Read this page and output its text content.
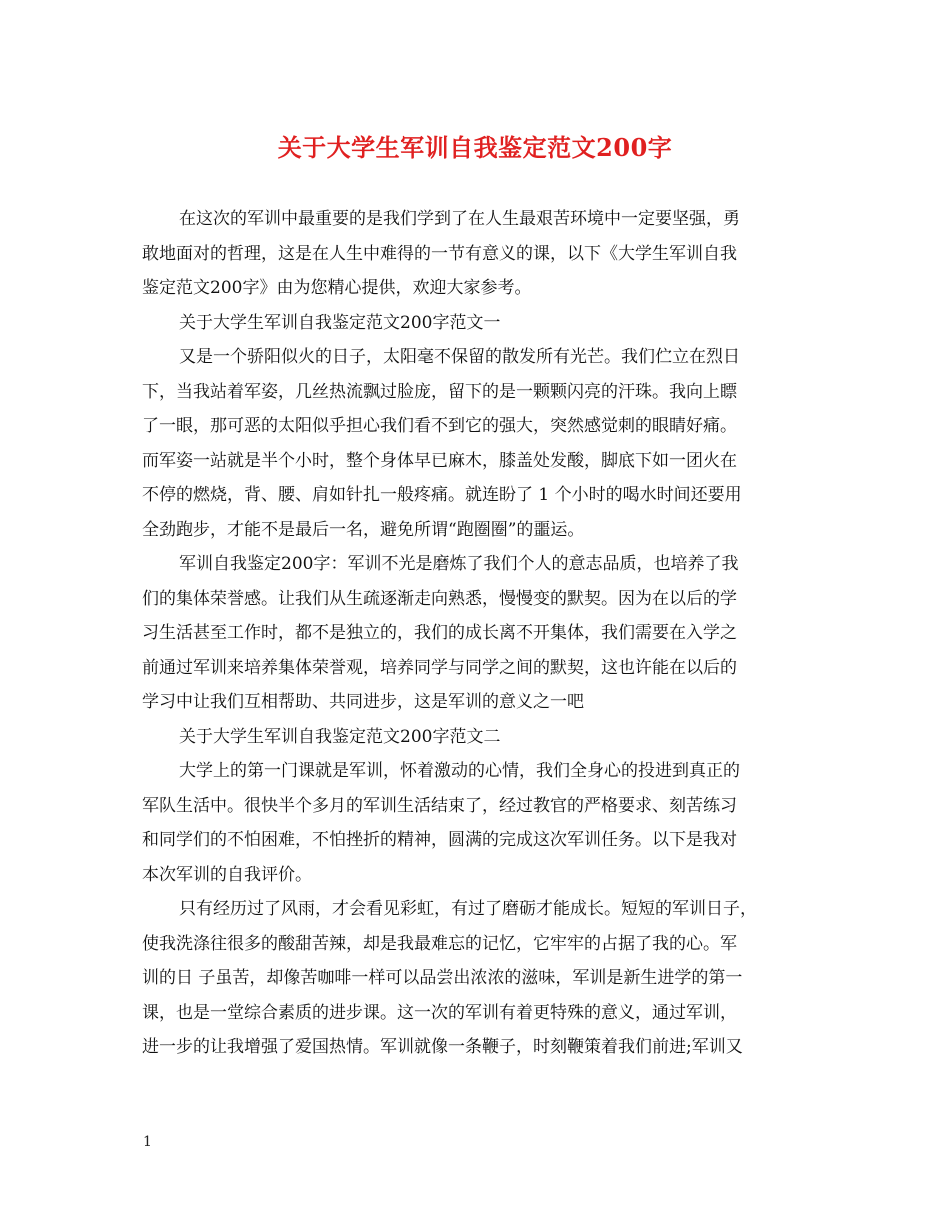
关于大学生军训自我鉴定范文200字
在这次的军训中最重要的是我们学到了在人生最艰苦环境中一定要坚强，勇
敢地面对的哲理，这是在人生中难得的一节有意义的课，以下《大学生军训自我
鉴定范文200字》由为您精心提供，欢迎大家参考。
关于大学生军训自我鉴定范文200字范文一
又是一个骄阳似火的日子，太阳毫不保留的散发所有光芒。我们伫立在烈日
下，当我站着军姿，几丝热流飘过脸庞，留下的是一颗颗闪亮的汗珠。我向上瞟
了一眼，那可恶的太阳似乎担心我们看不到它的强大，突然感觉刺的眼睛好痛。
而军姿一站就是半个小时，整个身体早已麻木，膝盖处发酸，脚底下如一团火在
不停的燃烧，背、腰、肩如针扎一般疼痛。就连盼了 1 个小时的喝水时间还要用
全劲跑步，才能不是最后一名，避免所谓“跑圈圈”的噩运。
军训自我鉴定200字：军训不光是磨炼了我们个人的意志品质，也培养了我
们的集体荣誉感。让我们从生疏逐渐走向熟悉，慢慢变的默契。因为在以后的学
习生活甚至工作时，都不是独立的，我们的成长离不开集体，我们需要在入学之
前通过军训来培养集体荣誉观，培养同学与同学之间的默契，这也许能在以后的
学习中让我们互相帮助、共同进步，这是军训的意义之一吧
关于大学生军训自我鉴定范文200字范文二
大学上的第一门课就是军训，怀着激动的心情，我们全身心的投进到真正的
军队生活中。很快半个多月的军训生活结束了，经过教官的严格要求、刻苦练习
和同学们的不怕困难，不怕挫折的精神，圆满的完成这次军训任务。以下是我对
本次军训的自我评价。
只有经历过了风雨，才会看见彩虹，有过了磨砺才能成长。短短的军训日子，
使我洗涤往很多的酸甜苦辣，却是我最难忘的记忆，它牢牢的占据了我的心。军
训的日 子虽苦，却像苦咖啡一样可以品尝出浓浓的滋味，军训是新生进学的第一
课，也是一堂综合素质的进步课。这一次的军训有着更特殊的意义，通过军训，
进一步的让我增强了爱国热情。军训就像一条鞭子，时刻鞭策着我们前进;军训又
1
